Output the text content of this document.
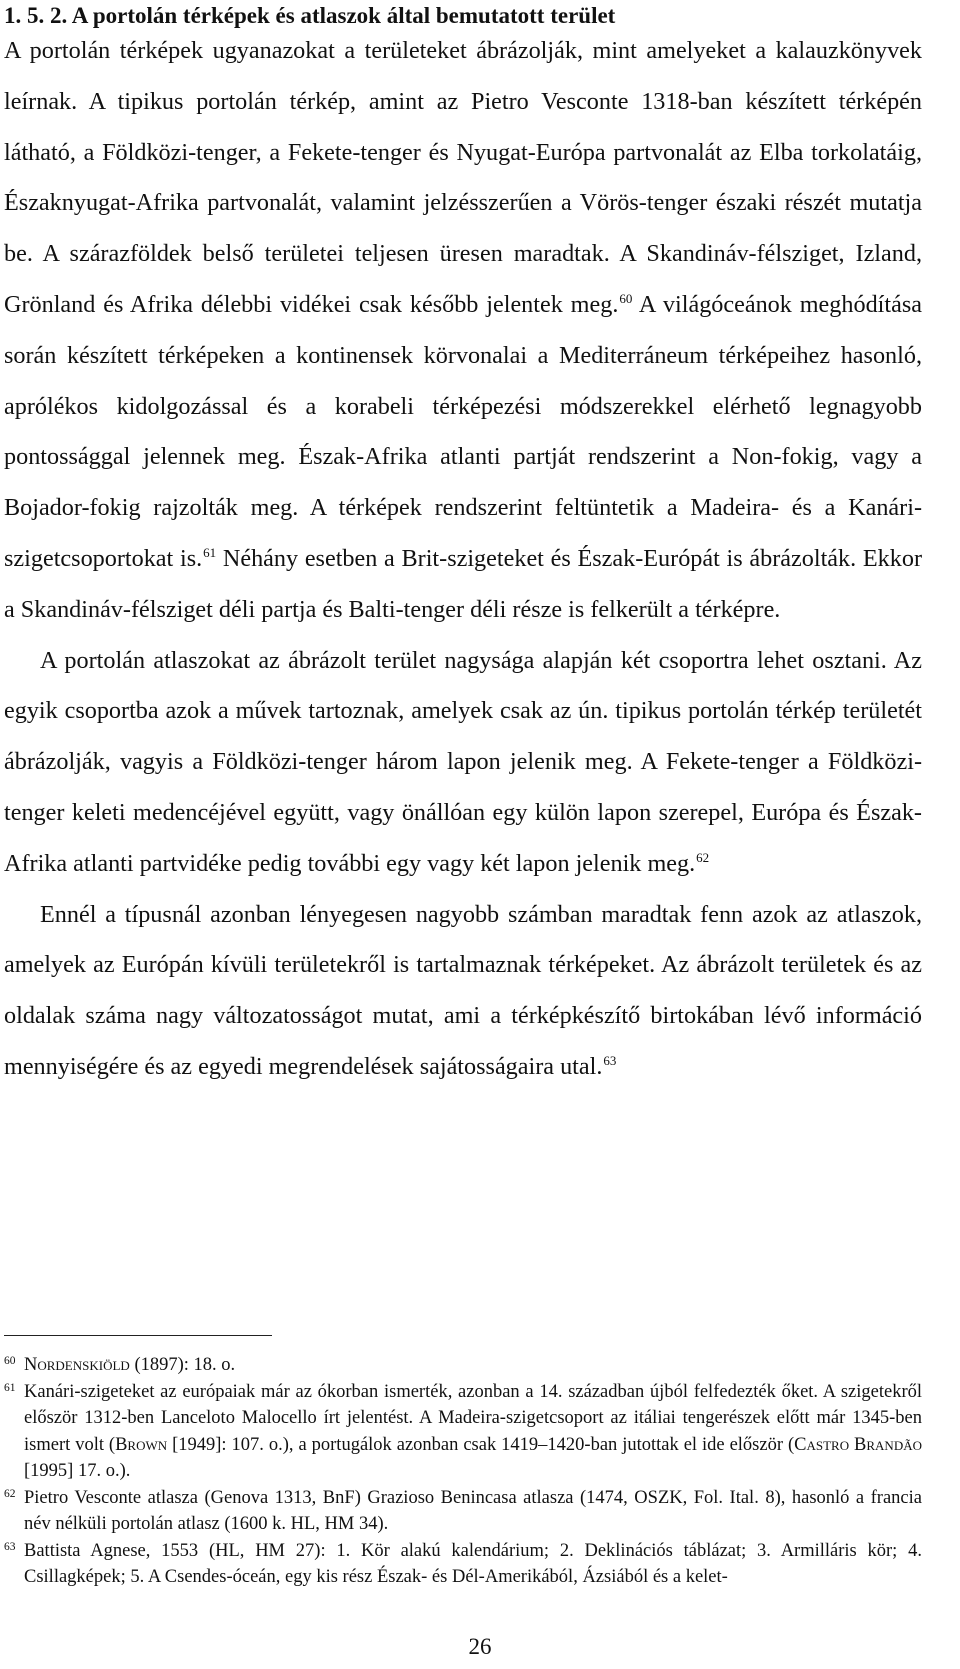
1. 5. 2. A portolán térképek és atlaszok által bemutatott terület

A portolán térképek ugyanazokat a területeket ábrázolják, mint amelyeket a kalauzkönyvek leírnak. A tipikus portolán térkép, amint az Pietro Vesconte 1318-ban készített térképén látható, a Földközi-tenger, a Fekete-tenger és Nyugat-Európa partvonalát az Elba torkolatáig, Északnyugat-Afrika partvonalát, valamint jelzésszerűen a Vörös-tenger északi részét mutatja be. A szárazföldek belső területei teljesen üresen maradtak. A Skandináv-félsziget, Izland, Grönland és Afrika délebbi vidékei csak később jelentek meg.$^{60}$ A világóceánok meghódítása során készített térképeken a kontinensek körvonalai a Mediterráneum térképeihez hasonló, aprólékos kidolgozással és a korabeli térképezési módszerekkel elérhető legnagyobb pontossággal jelennek meg. Észak-Afrika atlanti partját rendszerint a Non-fokig, vagy a Bojador-fokig rajzolták meg. A térképek rendszerint feltüntetik a Madeira- és a Kanári-szigetcsoportokat is.$^{61}$ Néhány esetben a Brit-szigeteket és Észak-Európát is ábrázolták. Ekkor a Skandináv-félsziget déli partja és Balti-tenger déli része is felkerült a térképre.

A portolán atlaszokat az ábrázolt terület nagysága alapján két csoportra lehet osztani. Az egyik csoportba azok a művek tartoznak, amelyek csak az ún. tipikus portolán térkép területét ábrázolják, vagyis a Földközi-tenger három lapon jelenik meg. A Fekete-tenger a Földközi-tenger keleti medencéjével együtt, vagy önállóan egy külön lapon szerepel, Európa és Észak-Afrika atlanti partvidéke pedig további egy vagy két lapon jelenik meg.$^{62}$

Ennél a típusnál azonban lényegesen nagyobb számban maradtak fenn azok az atlaszok, amelyek az Európán kívüli területekről is tartalmaznak térképeket. Az ábrázolt területek és az oldalak száma nagy változatosságot mutat, ami a térképkészítő birtokában lévő információ mennyiségére és az egyedi megrendelések sajátosságaira utal.$^{63}$

60 Nordenskiöld (1897): 18. o.
61 Kanári-szigeteket az európaiak már az ókorban ismerték, azonban a 14. században újból felfedezték őket. A szigetekről először 1312-ben Lanceloto Malocello írt jelentést. A Madeira-szigetcsoport az itáliai tengerészek előtt már 1345-ben ismert volt (Brown [1949]: 107. o.), a portugálok azonban csak 1419–1420-ban jutottak el ide először (Castro Brandão [1995] 17. o.).
62 Pietro Vesconte atlasza (Genova 1313, BnF) Grazioso Benincasa atlasza (1474, OSZK, Fol. Ital. 8), hasonló a francia név nélküli portolán atlasz (1600 k. HL, HM 34).
63 Battista Agnese, 1553 (HL, HM 27): 1. Kör alakú kalendárium; 2. Deklinációs táblázat; 3. Armilláris kör; 4. Csillagképek; 5. A Csendes-óceán, egy kis rész Észak- és Dél-Amerikából, Ázsiából és a kelet-
26
